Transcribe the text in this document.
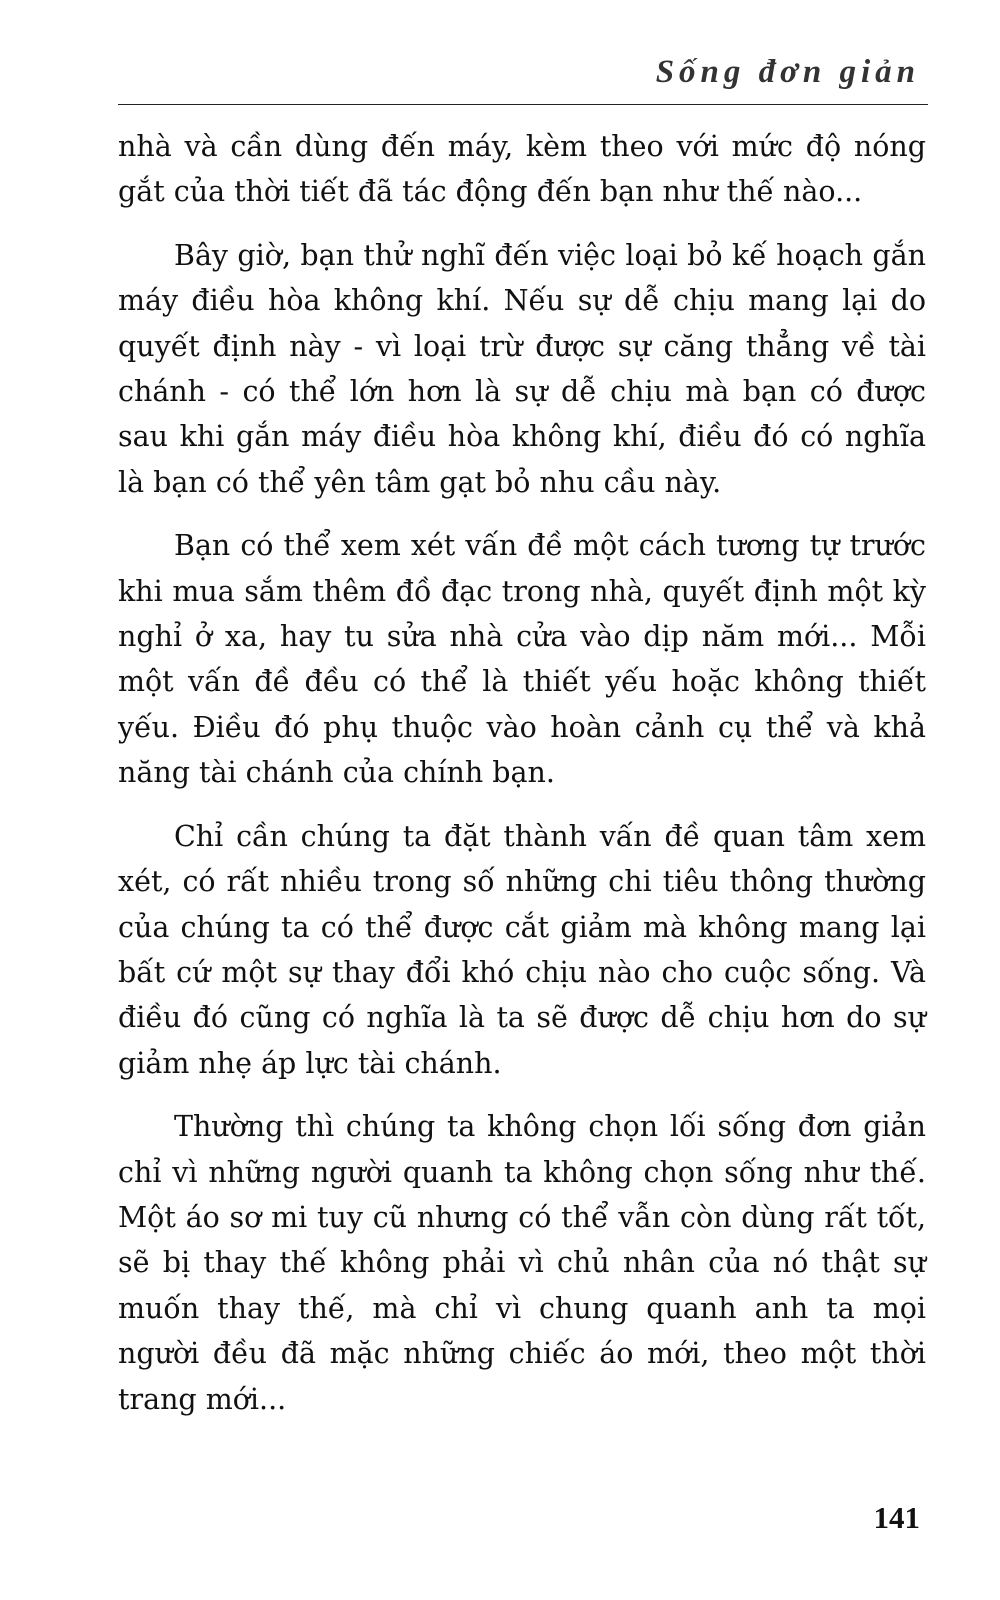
Sống đơn giản

nhà và cần dùng đến máy, kèm theo với mức độ nóng gắt của thời tiết đã tác động đến bạn như thế nào...

Bây giờ, bạn thử nghĩ đến việc loại bỏ kế hoạch gắn máy điều hòa không khí. Nếu sự dễ chịu mang lại do quyết định này - vì loại trừ được sự căng thẳng về tài chánh - có thể lớn hơn là sự dễ chịu mà bạn có được sau khi gắn máy điều hòa không khí, điều đó có nghĩa là bạn có thể yên tâm gạt bỏ nhu cầu này.

Bạn có thể xem xét vấn đề một cách tương tự trước khi mua sắm thêm đồ đạc trong nhà, quyết định một kỳ nghỉ ở xa, hay tu sửa nhà cửa vào dịp năm mới... Mỗi một vấn đề đều có thể là thiết yếu hoặc không thiết yếu. Điều đó phụ thuộc vào hoàn cảnh cụ thể và khả năng tài chánh của chính bạn.

Chỉ cần chúng ta đặt thành vấn đề quan tâm xem xét, có rất nhiều trong số những chi tiêu thông thường của chúng ta có thể được cắt giảm mà không mang lại bất cứ một sự thay đổi khó chịu nào cho cuộc sống. Và điều đó cũng có nghĩa là ta sẽ được dễ chịu hơn do sự giảm nhẹ áp lực tài chánh.

Thường thì chúng ta không chọn lối sống đơn giản chỉ vì những người quanh ta không chọn sống như thế. Một áo sơ mi tuy cũ nhưng có thể vẫn còn dùng rất tốt, sẽ bị thay thế không phải vì chủ nhân của nó thật sự muốn thay thế, mà chỉ vì chung quanh anh ta mọi người đều đã mặc những chiếc áo mới, theo một thời trang mới...

141
